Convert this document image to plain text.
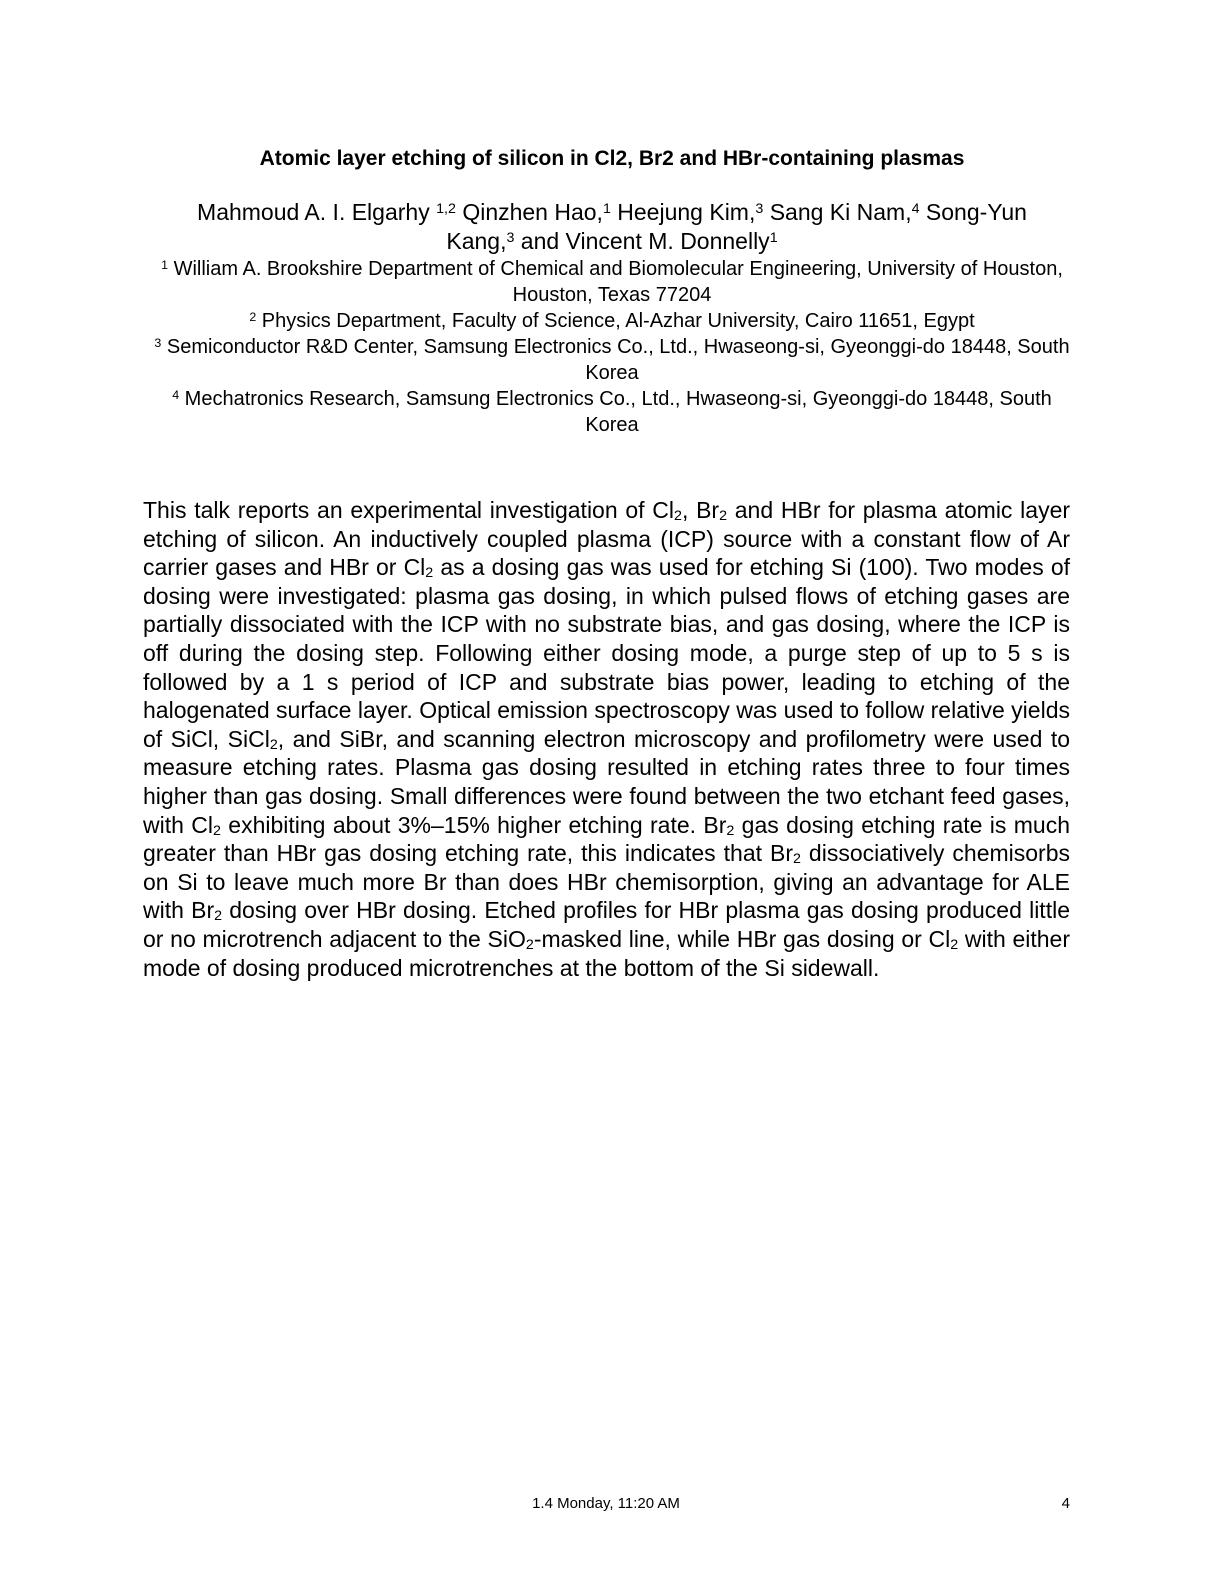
Atomic layer etching of silicon in Cl2, Br2 and HBr-containing plasmas

Mahmoud A. I. Elgarhy $^{1,2}$ Qinzhen Hao,$^1$ Heejung Kim,$^3$ Sang Ki Nam,$^4$ Song-Yun Kang,$^3$ and Vincent M. Donnelly$^1$

$^1$ William A. Brookshire Department of Chemical and Biomolecular Engineering, University of Houston, Houston, Texas 77204

$^2$ Physics Department, Faculty of Science, Al-Azhar University, Cairo 11651, Egypt

$^3$ Semiconductor R&D Center, Samsung Electronics Co., Ltd., Hwaseong-si, Gyeonggi-do 18448, South Korea

$^4$ Mechatronics Research, Samsung Electronics Co., Ltd., Hwaseong-si, Gyeonggi-do 18448, South Korea

This talk reports an experimental investigation of $Cl_2$, $Br_2$ and HBr for plasma atomic layer etching of silicon. An inductively coupled plasma (ICP) source with a constant flow of Ar carrier gases and HBr or $Cl_2$ as a dosing gas was used for etching Si (100). Two modes of dosing were investigated: plasma gas dosing, in which pulsed flows of etching gases are partially dissociated with the ICP with no substrate bias, and gas dosing, where the ICP is off during the dosing step. Following either dosing mode, a purge step of up to 5 s is followed by a 1 s period of ICP and substrate bias power, leading to etching of the halogenated surface layer. Optical emission spectroscopy was used to follow relative yields of SiCl, SiCl$_2$, and SiBr, and scanning electron microscopy and profilometry were used to measure etching rates. Plasma gas dosing resulted in etching rates three to four times higher than gas dosing. Small differences were found between the two etchant feed gases, with $Cl_2$ exhibiting about 3%–15% higher etching rate. $Br_2$ gas dosing etching rate is much greater than HBr gas dosing etching rate, this indicates that $Br_2$ dissociatively chemisorbs on Si to leave much more Br than does HBr chemisorption, giving an advantage for ALE with $Br_2$ dosing over HBr dosing. Etched profiles for HBr plasma gas dosing produced little or no microtrench adjacent to the SiO$_2$-masked line, while HBr gas dosing or $Cl_2$ with either mode of dosing produced microtrenches at the bottom of the Si sidewall.

1.4 Monday, 11:20 AM	4
